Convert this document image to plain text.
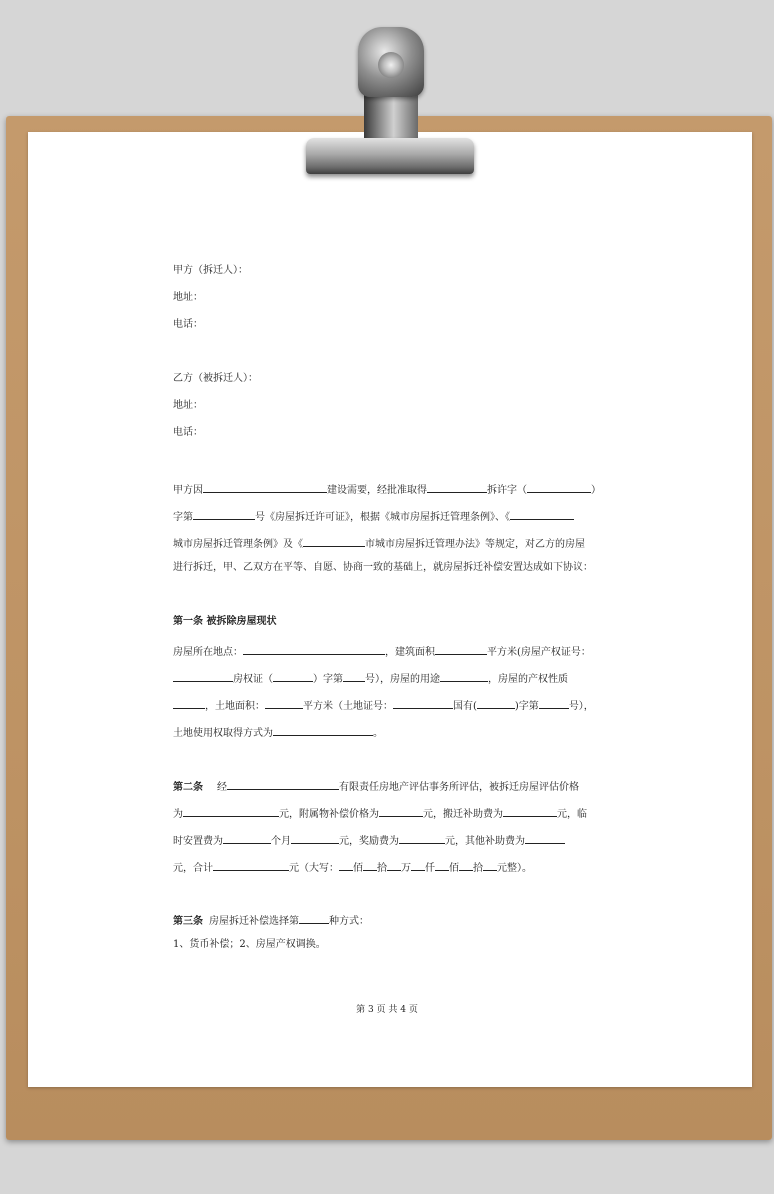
甲方（拆迁人）：
地址：
电话：
乙方（被拆迁人）：
地址：
电话：
甲方因	建设需要，经批准取得	拆许字（	）
字第	号《房屋拆迁许可证》，根据《城市房屋拆迁管理条例》、《
城市房屋拆迁管理条例》及《	市城市房屋拆迁管理办法》等规定，对乙方的房屋
进行拆迁，甲、乙双方在平等、自愿、协商一致的基础上，就房屋拆迁补偿安置达成如下协议：
第一条 被拆除房屋现状
房屋所在地点：	，建筑面积	平方米(房屋产权证号：
房权证（	）字第 号），房屋的用途	，房屋的产权性质
，土地面积：	平方米（土地证号：	国有(	)字第	号），
土地使用权取得方式为	。
第二条 经	有限责任房地产评估事务所评估，被拆迁房屋评估价格
为	元，附属物补偿价格为	元，搬迁补助费为	元，临
时安置费为	个月	元，奖励费为	元，其他补助费为
元，合计	元（大写： 佰 拾 万 仟 佰 拾 元整）。
第三条 房屋拆迁补偿选择第	种方式：
1、货币补偿；2、房屋产权调换。
第 3 页 共 4 页
